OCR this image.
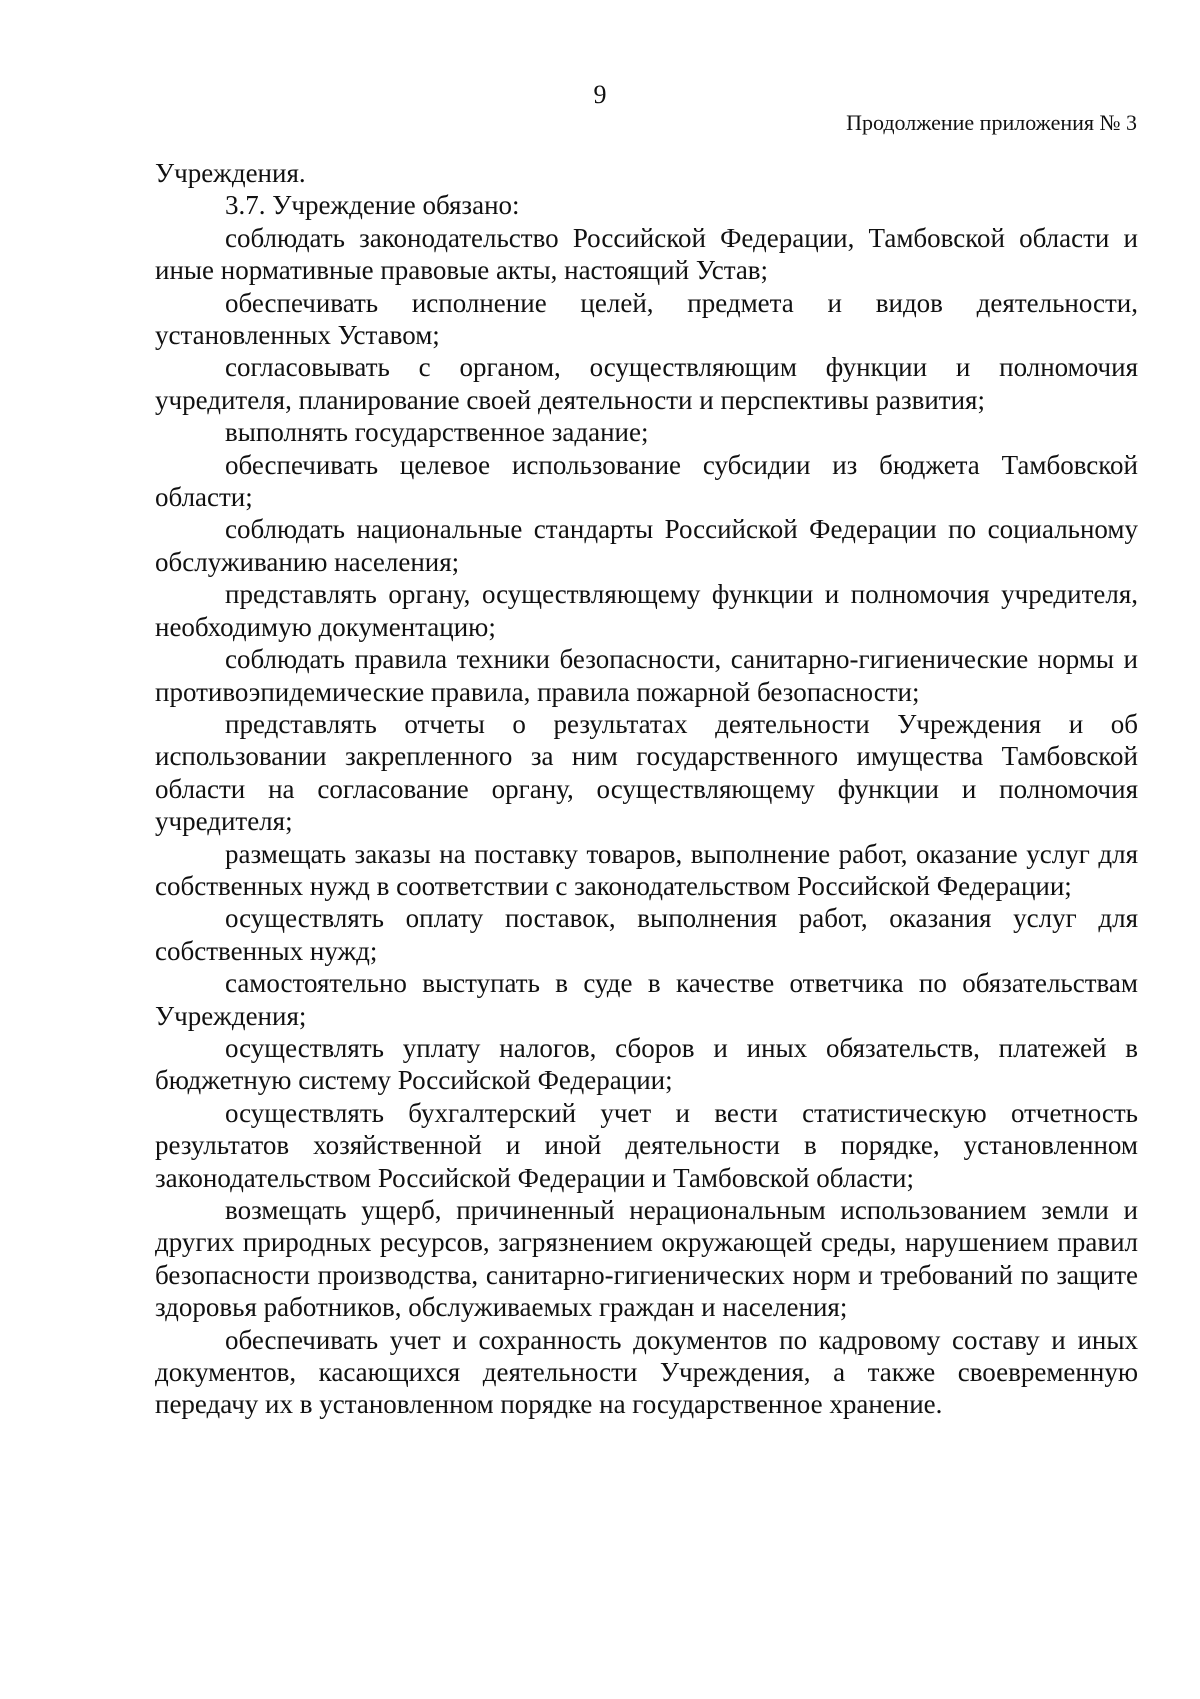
9
Продолжение приложения № 3

Учреждения.

3.7. Учреждение обязано:

соблюдать законодательство Российской Федерации, Тамбовской области и иные нормативные правовые акты, настоящий Устав;

обеспечивать исполнение целей, предмета и видов деятельности, установленных Уставом;

согласовывать с органом, осуществляющим функции и полномочия учредителя, планирование своей деятельности и перспективы развития;

выполнять государственное задание;

обеспечивать целевое использование субсидии из бюджета Тамбовской области;

соблюдать национальные стандарты Российской Федерации по социальному обслуживанию населения;

представлять органу, осуществляющему функции и полномочия учредителя, необходимую документацию;

соблюдать правила техники безопасности, санитарно-гигиенические нормы и противоэпидемические правила, правила пожарной безопасности;

представлять отчеты о результатах деятельности Учреждения и об использовании закрепленного за ним государственного имущества Тамбовской области на согласование органу, осуществляющему функции и полномочия учредителя;

размещать заказы на поставку товаров, выполнение работ, оказание услуг для собственных нужд в соответствии с законодательством Российской Федерации;

осуществлять оплату поставок, выполнения работ, оказания услуг для собственных нужд;

самостоятельно выступать в суде в качестве ответчика по обязательствам Учреждения;

осуществлять уплату налогов, сборов и иных обязательств, платежей в бюджетную систему Российской Федерации;

осуществлять бухгалтерский учет и вести статистическую отчетность результатов хозяйственной и иной деятельности в порядке, установленном законодательством Российской Федерации и Тамбовской области;

возмещать ущерб, причиненный нерациональным использованием земли и других природных ресурсов, загрязнением окружающей среды, нарушением правил безопасности производства, санитарно-гигиенических норм и требований по защите здоровья работников, обслуживаемых граждан и населения;

обеспечивать учет и сохранность документов по кадровому составу и иных документов, касающихся деятельности Учреждения, а также своевременную передачу их в установленном порядке на государственное хранение.
